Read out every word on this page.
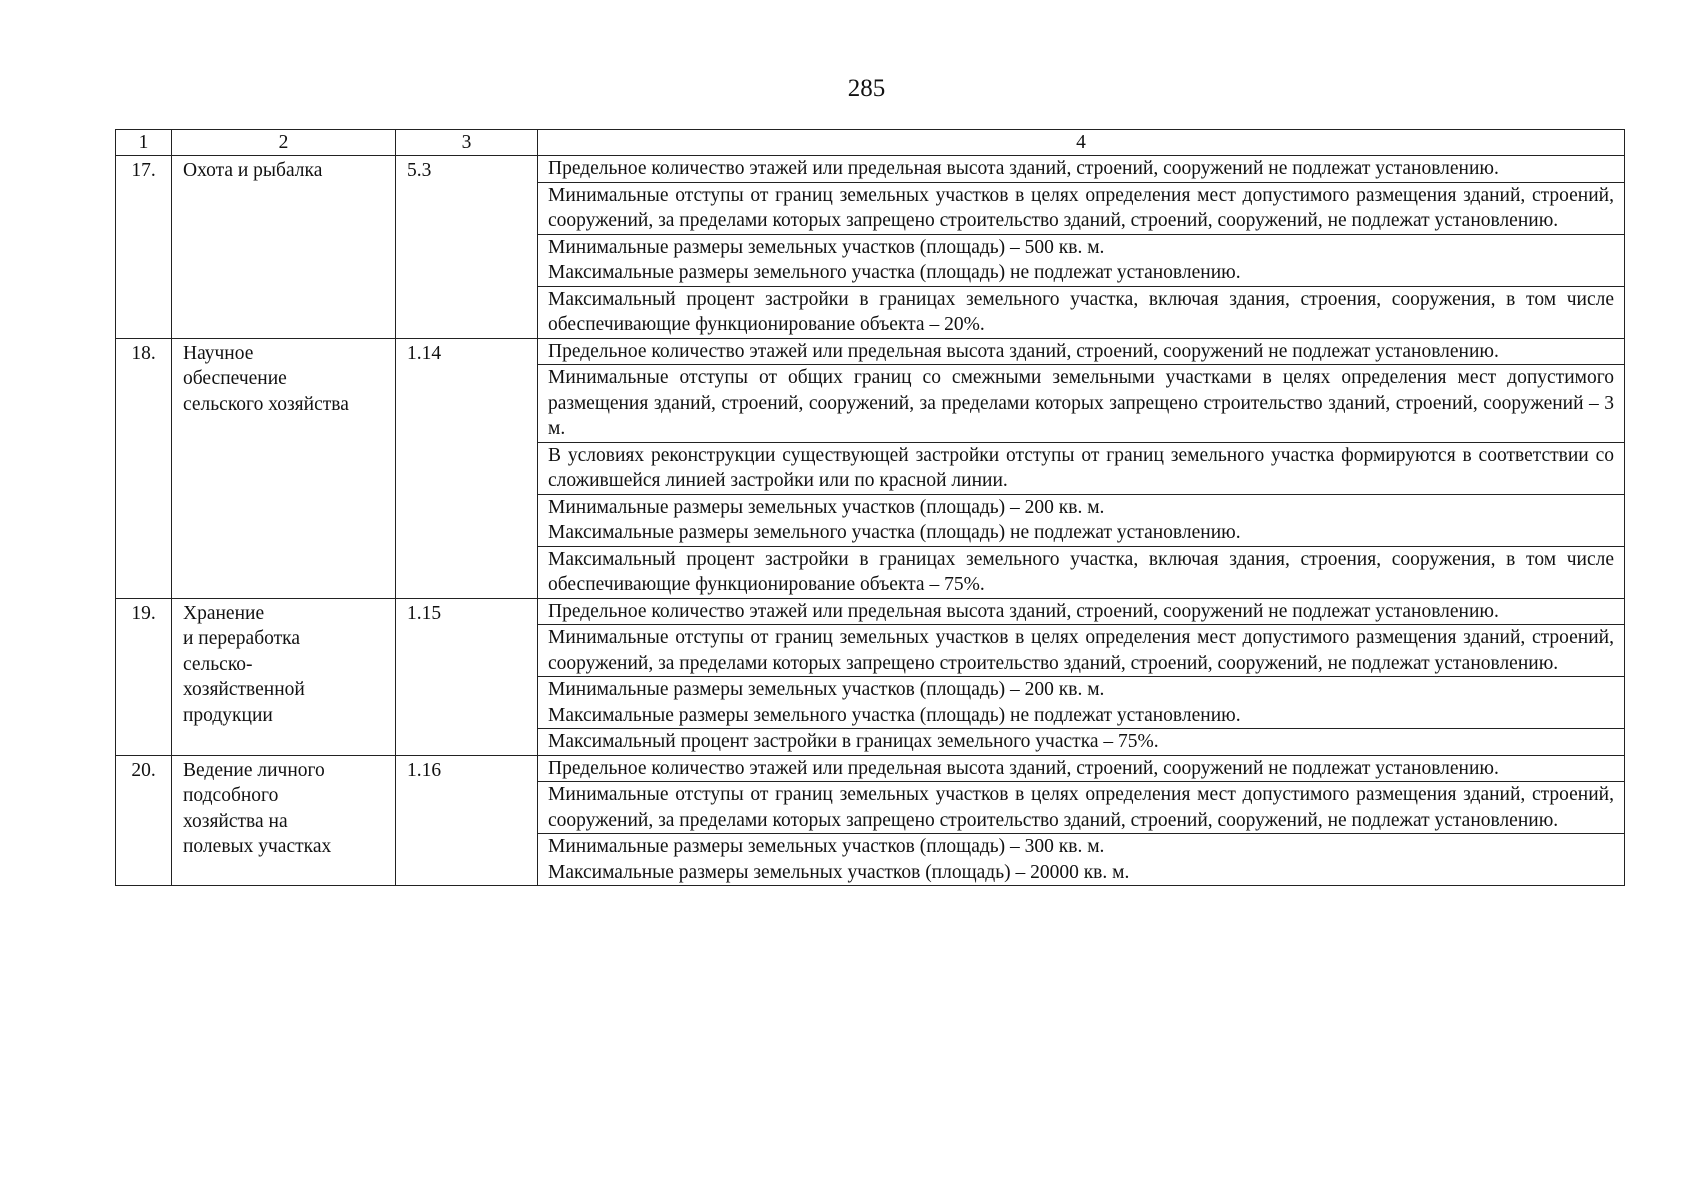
285
1	2	3	4
17.	Охота и рыбалка	5.3	Предельное количество этажей или предельная высота зданий, строений, сооружений не подлежат установлению.

			Минимальные отступы от границ земельных участков в целях определения мест допустимого размещения зданий, строений, сооружений, за пределами которых запрещено строительство зданий, строений, сооружений, не подлежат установлению.

			Минимальные размеры земельных участков (площадь) – 500 кв. м.
Максимальные размеры земельного участка (площадь) не подлежат установлению.

			Максимальный процент застройки в границах земельного участка, включая здания, строения, сооружения, в том числе обеспечивающие функционирование объекта – 20%.

18.	Научное
обеспечение
сельского хозяйства	1.14	Предельное количество этажей или предельная высота зданий, строений, сооружений не подлежат установлению.

			Минимальные отступы от общих границ со смежными земельными участками в целях определения мест допустимого размещения зданий, строений, сооружений, за пределами которых запрещено строительство зданий, строений, сооружений – 3 м.

			В условиях реконструкции существующей застройки отступы от границ земельного участка формируются в соответствии со сложившейся линией застройки или по красной линии.

			Минимальные размеры земельных участков (площадь) – 200 кв. м.
Максимальные размеры земельного участка (площадь) не подлежат установлению.

			Максимальный процент застройки в границах земельного участка, включая здания, строения, сооружения, в том числе обеспечивающие функционирование объекта – 75%.

19.	Хранение
и переработка
сельско-
хозяйственной
продукции	1.15	Предельное количество этажей или предельная высота зданий, строений, сооружений не подлежат установлению.

			Минимальные отступы от границ земельных участков в целях определения мест допустимого размещения зданий, строений, сооружений, за пределами которых запрещено строительство зданий, строений, сооружений, не подлежат установлению.

			Минимальные размеры земельных участков (площадь) – 200 кв. м.
Максимальные размеры земельного участка (площадь) не подлежат установлению.

			Максимальный процент застройки в границах земельного участка – 75%.

20.	Ведение личного
подсобного
хозяйства на
полевых участках	1.16	Предельное количество этажей или предельная высота зданий, строений, сооружений не подлежат установлению.

			Минимальные отступы от границ земельных участков в целях определения мест допустимого размещения зданий, строений, сооружений, за пределами которых запрещено строительство зданий, строений, сооружений, не подлежат установлению.

			Минимальные размеры земельных участков (площадь) – 300 кв. м.
Максимальные размеры земельных участков (площадь) – 20000 кв. м.
